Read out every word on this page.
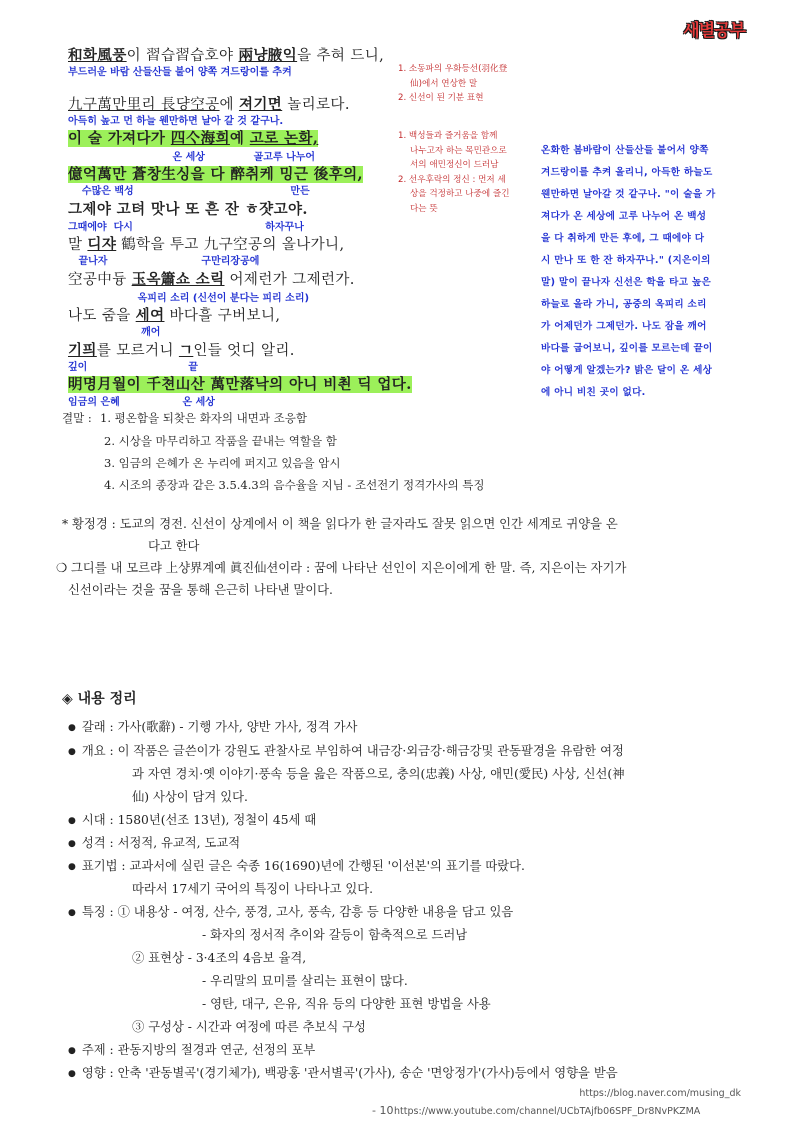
새별공부
和화風풍이 習습習습호야 兩냥腋익을 추혀 드니,
부드러운 바람 산들산들 불어 양쪽 겨드랑이를 추켜
九구萬만里리 長댱空공에 져기면 놀리로다.
아득히 높고 먼 하늘 웬만하면 날아 갈 것 같구나.
이 술 가져다가 四亽海희예 고로 논화,
온 세상              골고루 나누어
億억萬만 蒼창生싱을 다 醉취케 밍근 後후의,
수많은 백성                                             만든
그제야 고텨 맛나 또 흔 잔 ㅎ쟛고야.
그때에야  다시                                      하자꾸나
말 디쟈 鶴학을 투고 九구空공의 올나가니,
끝나자                           구만리장공에
空공中듕 玉옥簫쇼 소릭 어제런가 그제런가.
옥피리 소리 (신선이 분다는 피리 소리)
나도 줌을 세여 바다흘 구버보니,
깨어
기픠를 모르거니 ㄱ인들 엇디 알리.
깊이                             끝
明명月월이 千쳔山산 萬만落낙의 아니 비쵠 딕 업다.
임금의 은혜                  온 세상
1. 소동파의 우화등선(羽化登
仙)에서 연상한 말
2. 신선이 된 기분 표현
1. 백성들과 즐거움을 함께
나누고자 하는 목민관으로
서의 애민정신이 드러남
2. 선우후락의 정신 : 먼저 세
상을 걱정하고 나중에 즐긴
다는 뜻
온화한 봄바람이 산들산들 불어서 양쪽
겨드랑이를 추켜 올리니, 아득한 하늘도
웬만하면 날아갈 것 같구나. "이 술을 가
져다가 온 세상에 고루 나누어 온 백성
을 다 취하게 만든 후에, 그 때에야 다
시 만나 또 한 잔 하자꾸나." (지은이의
말) 말이 끝나자 신선은 학을 타고 높은
하늘로 올라 가니, 공중의 옥피리 소리
가 어제던가 그제던가. 나도 잠을 깨어
바다를 굽어보니, 깊이를 모르는데 끝이
야 어떻게 알겠는가? 밝은 달이 온 세상
에 아니 비친 곳이 없다.
결말 : 1. 평온함을 되찾은 화자의 내면과 조응함
2. 시상을 마무리하고 작품을 끝내는 역할을 함
3. 임금의 은혜가 온 누리에 퍼지고 있음을 암시
4. 시조의 종장과 같은 3.5.4.3의 음수율을 지님 - 조선전기 정격가사의 특징
* 황정경 : 도교의 경전. 신선이 상계에서 이 책을 읽다가 한 글자라도 잘못 읽으면 인간 세계로 귀양을 온
다고 한다
❍ 그디를 내 모르랴 上샹界계예 眞진仙션이라 : 꿈에 나타난 선인이 지은이에게 한 말. 즉, 지은이는 자기가
신선이라는 것을 꿈을 통해 은근히 나타낸 말이다.
◈ 내용 정리
● 갈래 : 가사(歌辭) - 기행 가사, 양반 가사, 정격 가사
● 개요 : 이 작품은 글쓴이가 강원도 관찰사로 부임하여 내금강·외금강·해금강및 관동팔경을 유람한 여정
과 자연 경치·옛 이야기·풍속 등을 읊은 작품으로, 충의(忠義) 사상, 애민(愛民) 사상, 신선(神
仙) 사상이 담겨 있다.
● 시대 : 1580년(선조 13년), 정철이 45세 때
● 성격 : 서정적, 유교적, 도교적
● 표기법 : 교과서에 실린 글은 숙종 16(1690)년에 간행된 '이선본'의 표기를 따랐다.
따라서 17세기 국어의 특징이 나타나고 있다.
● 특징 : ① 내용상 - 여정, 산수, 풍경, 고사, 풍속, 감흥 등 다양한 내용을 담고 있음
- 화자의 정서적 추이와 갈등이 함축적으로 드러남
② 표현상 - 3·4조의 4음보 율격,
- 우리말의 묘미를 살리는 표현이 많다.
- 영탄, 대구, 은유, 직유 등의 다양한 표현 방법을 사용
③ 구성상 - 시간과 여정에 따른 추보식 구성
● 주제 : 관동지방의 절경과 연군, 선정의 포부
● 영향 : 안축 '관동별곡'(경기체가), 백광홍 '관서별곡'(가사), 송순 '면앙정가'(가사)등에서 영향을 받음
https://blog.naver.com/musing_dk
- 10 https://www.youtube.com/channel/UCbTAjfb06SPF_Dr8NvPKZMA
